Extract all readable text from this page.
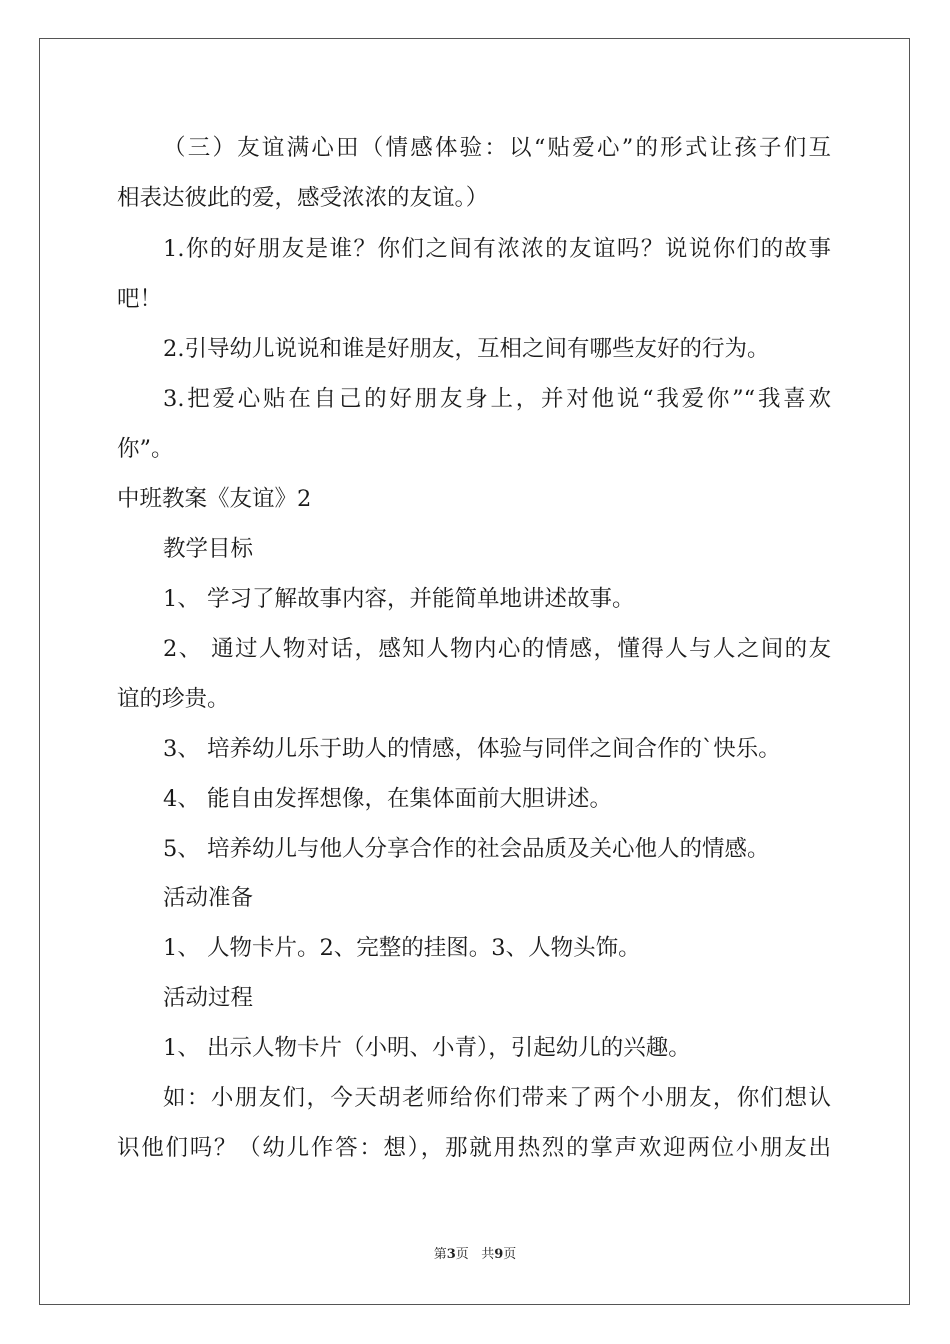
（三）友谊满心田（情感体验：以“贴爱心”的形式让孩子们互
相表达彼此的爱，感受浓浓的友谊。）
1.你的好朋友是谁？你们之间有浓浓的友谊吗？说说你们的故事
吧！
2.引导幼儿说说和谁是好朋友，互相之间有哪些友好的行为。
3.把爱心贴在自己的好朋友身上，并对他说“我爱你”“我喜欢
你”。
中班教案《友谊》2
教学目标
1、 学习了解故事内容，并能简单地讲述故事。
2、 通过人物对话，感知人物内心的情感，懂得人与人之间的友
谊的珍贵。
3、 培养幼儿乐于助人的情感，体验与同伴之间合作的`快乐。
4、 能自由发挥想像，在集体面前大胆讲述。
5、 培养幼儿与他人分享合作的社会品质及关心他人的情感。
活动准备
1、 人物卡片。2、完整的挂图。3、人物头饰。
活动过程
1、 出示人物卡片（小明、小青），引起幼儿的兴趣。
如：小朋友们，今天胡老师给你们带来了两个小朋友，你们想认
识他们吗？（幼儿作答：想），那就用热烈的掌声欢迎两位小朋友出
第3页 共9页
